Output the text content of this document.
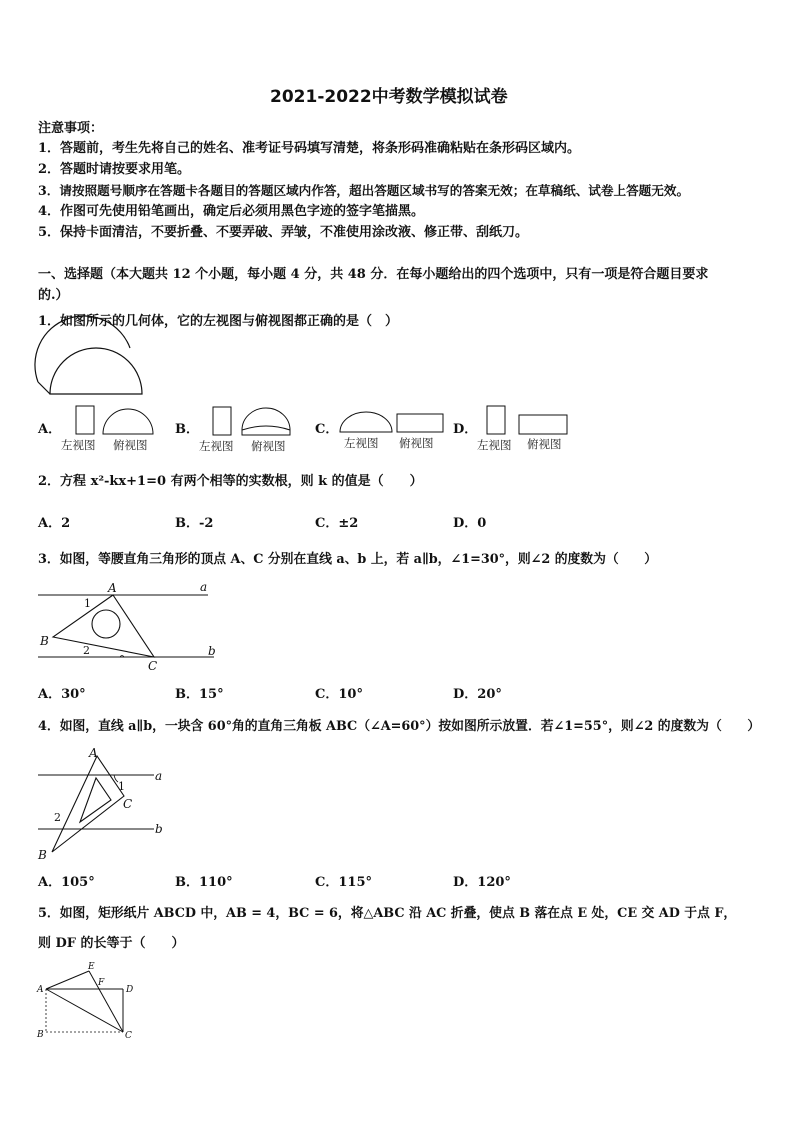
2021-2022中考数学模拟试卷
注意事项：
1．答题前，考生先将自己的姓名、准考证号码填写清楚，将条形码准确粘贴在条形码区域内。
2．答题时请按要求用笔。
3．请按照题号顺序在答题卡各题目的答题区域内作答，超出答题区域书写的答案无效；在草稿纸、试卷上答题无效。
4．作图可先使用铅笔画出，确定后必须用黑色字迹的签字笔描黑。
5．保持卡面清洁，不要折叠、不要弄破、弄皱，不准使用涂改液、修正带、刮纸刀。
一、选择题（本大题共 12 个小题，每小题 4 分，共 48 分．在每小题给出的四个选项中，只有一项是符合题目要求
的.）
1．如图所示的几何体，它的左视图与俯视图都正确的是（　）
A．
左视图 俯视图
B．
左视图 俯视图
C．
左视图 俯视图
D．
左视图 俯视图
2．方程 x²-kx+1=0 有两个相等的实数根，则 k 的值是（　　）
A．2	B．-2	C．±2	D．0
3．如图，等腰直角三角形的顶点 A、C 分别在直线 a、b 上，若 a∥b，∠1=30°，则∠2 的度数为（　　）
A
B
C
a
b
1
2
A．30°	B．15°	C．10°	D．20°
4．如图，直线 a∥b，一块含 60°角的直角三角板 ABC（∠A=60°）按如图所示放置．若∠1=55°，则∠2 的度数为（　　）
A
B
C
a
b
1
2
A．105°	B．110°	C．115°	D．120°
5．如图，矩形纸片 ABCD 中，AB = 4，BC = 6，将△ABC 沿 AC 折叠，使点 B 落在点 E 处，CE 交 AD 于点 F，
则 DF 的长等于（　　）
E
F
A	D
B	C
